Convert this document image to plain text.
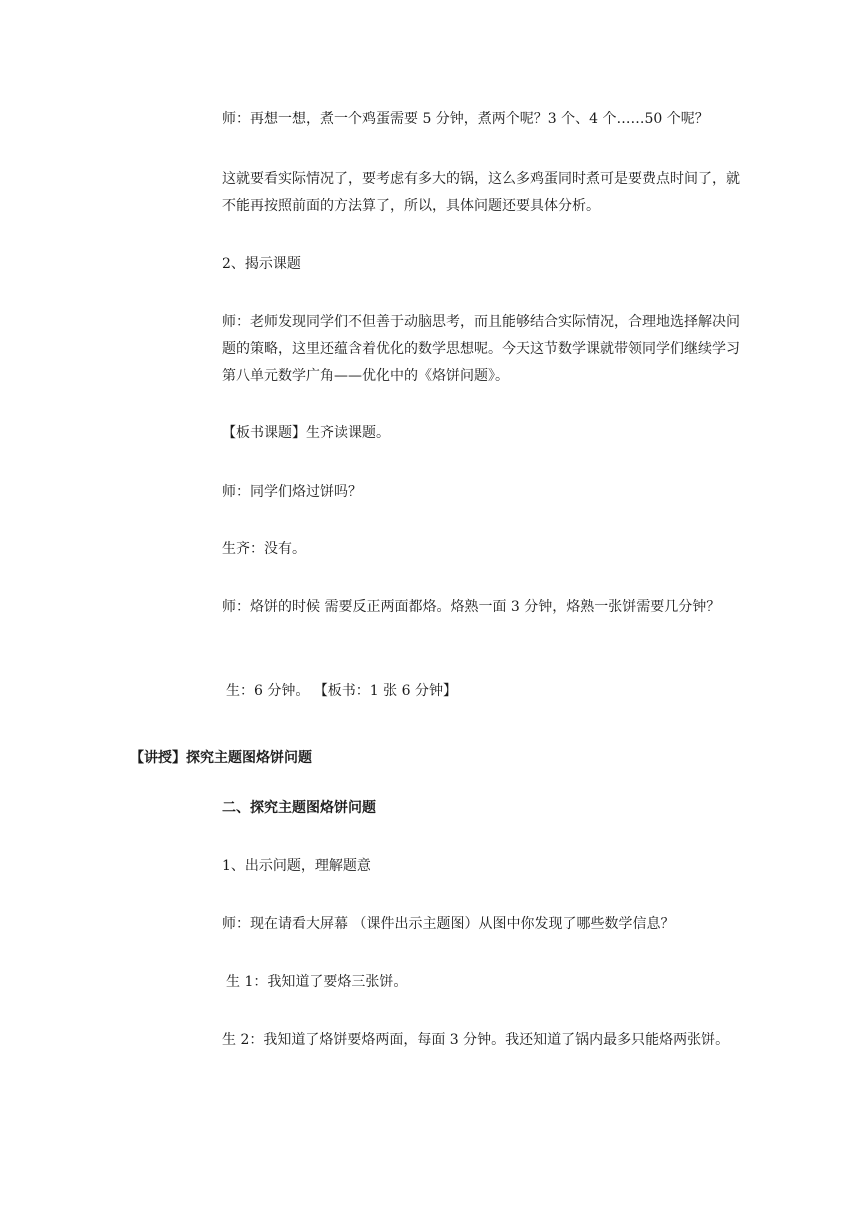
师：再想一想，煮一个鸡蛋需要 5 分钟，煮两个呢？3 个、4 个……50 个呢？

这就要看实际情况了，要考虑有多大的锅，这么多鸡蛋同时煮可是要费点时间了，就不能再按照前面的方法算了，所以，具体问题还要具体分析。

2、揭示课题

师：老师发现同学们不但善于动脑思考，而且能够结合实际情况，合理地选择解决问题的策略，这里还蕴含着优化的数学思想呢。今天这节数学课就带领同学们继续学习第八单元数学广角——优化中的《烙饼问题》。

【板书课题】生齐读课题。

师：同学们烙过饼吗？

生齐：没有。

师：烙饼的时候 需要反正两面都烙。烙熟一面 3 分钟，烙熟一张饼需要几分钟？

生：6 分钟。 【板书：1 张 6 分钟】

【讲授】探究主题图烙饼问题

二、探究主题图烙饼问题

1、出示问题，理解题意

师：现在请看大屏幕 （课件出示主题图）从图中你发现了哪些数学信息？

生 1：我知道了要烙三张饼。

生 2：我知道了烙饼要烙两面，每面 3 分钟。我还知道了锅内最多只能烙两张饼。
